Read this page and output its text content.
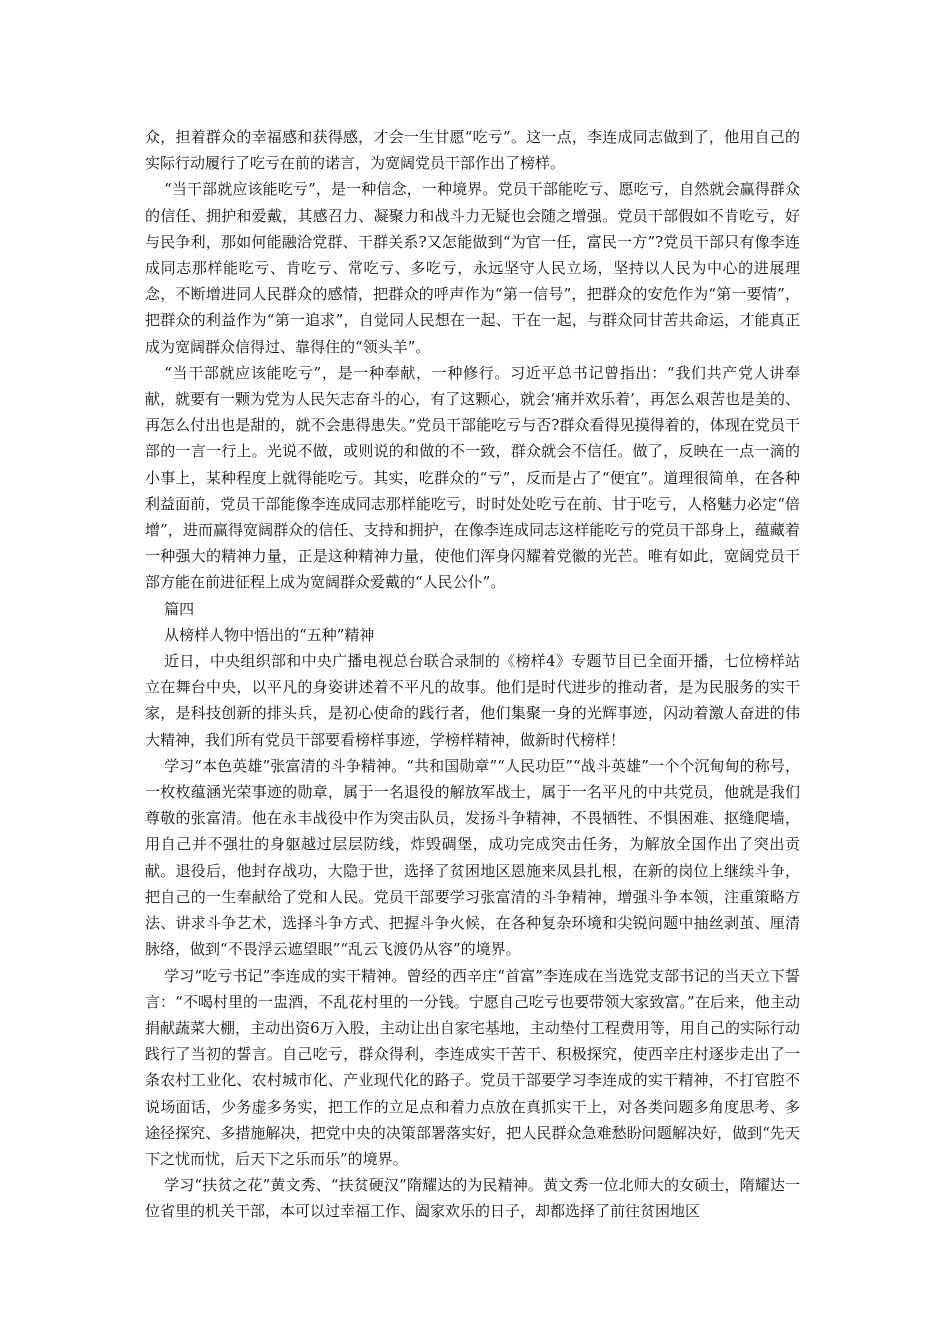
众，担着群众的幸福感和获得感，才会一生甘愿“吃亏”。这一点，李连成同志做到了，他用自己的实际行动履行了吃亏在前的诺言，为宽阔党员干部作出了榜样。

“当干部就应该能吃亏”，是一种信念，一种境界。党员干部能吃亏、愿吃亏，自然就会赢得群众的信任、拥护和爱戴，其感召力、凝聚力和战斗力无疑也会随之增强。党员干部假如不肯吃亏，好与民争利，那如何能融洽党群、干群关系?又怎能做到“为官一任，富民一方”?党员干部只有像李连成同志那样能吃亏、肯吃亏、常吃亏、多吃亏，永远坚守人民立场，坚持以人民为中心的进展理念，不断增进同人民群众的感情，把群众的呼声作为“第一信号”，把群众的安危作为“第一要情”，把群众的利益作为“第一追求”，自觉同人民想在一起、干在一起，与群众同甘苦共命运，才能真正成为宽阔群众信得过、靠得住的“领头羊”。

“当干部就应该能吃亏”，是一种奉献，一种修行。习近平总书记曾指出：“我们共产党人讲奉献，就要有一颗为党为人民矢志奋斗的心，有了这颗心，就会‘痛并欢乐着’，再怎么艰苦也是美的、再怎么付出也是甜的，就不会患得患失。”党员干部能吃亏与否?群众看得见摸得着的，体现在党员干部的一言一行上。光说不做，或则说的和做的不一致，群众就会不信任。做了，反映在一点一滴的小事上，某种程度上就得能吃亏。其实，吃群众的“亏”，反而是占了“便宜”。道理很简单，在各种利益面前，党员干部能像李连成同志那样能吃亏，时时处处吃亏在前、甘于吃亏，人格魅力必定“倍增”，进而赢得宽阔群众的信任、支持和拥护，在像李连成同志这样能吃亏的党员干部身上，蕴藏着一种强大的精神力量，正是这种精神力量，使他们浑身闪耀着党徽的光芒。唯有如此，宽阔党员干部方能在前进征程上成为宽阔群众爱戴的“人民公仆”。

篇四

从榜样人物中悟出的“五种”精神

近日，中央组织部和中央广播电视总台联合录制的《榜样4》专题节目已全面开播，七位榜样站立在舞台中央，以平凡的身姿讲述着不平凡的故事。他们是时代进步的推动者，是为民服务的实干家，是科技创新的排头兵，是初心使命的践行者，他们集聚一身的光辉事迹，闪动着激人奋进的伟大精神，我们所有党员干部要看榜样事迹，学榜样精神，做新时代榜样！

学习“本色英雄”张富清的斗争精神。“共和国勋章”“人民功臣”“战斗英雄”一个个沉甸甸的称号，一枚枚蕴涵光荣事迹的勋章，属于一名退役的解放军战士，属于一名平凡的中共党员，他就是我们尊敬的张富清。他在永丰战役中作为突击队员，发扬斗争精神，不畏牺牲、不惧困难、抠缝爬墙，用自己并不强壮的身躯越过层层防线，炸毁碉堡，成功完成突击任务，为解放全国作出了突出贡献。退役后，他封存战功，大隐于世，选择了贫困地区恩施来凤县扎根，在新的岗位上继续斗争，把自己的一生奉献给了党和人民。党员干部要学习张富清的斗争精神，增强斗争本领，注重策略方法、讲求斗争艺术，选择斗争方式、把握斗争火候，在各种复杂环境和尖锐问题中抽丝剥茧、厘清脉络，做到“不畏浮云遮望眼”“乱云飞渡仍从容”的境界。

学习“吃亏书记”李连成的实干精神。曾经的西辛庄“首富”李连成在当选党支部书记的当天立下誓言：“不喝村里的一盅酒，不乱花村里的一分钱。宁愿自己吃亏也要带领大家致富。”在后来，他主动捐献蔬菜大棚，主动出资6万入股，主动让出自家宅基地，主动垫付工程费用等，用自己的实际行动践行了当初的誓言。自己吃亏，群众得利，李连成实干苦干、积极探究，使西辛庄村逐步走出了一条农村工业化、农村城市化、产业现代化的路子。党员干部要学习李连成的实干精神，不打官腔不说场面话，少务虚多务实，把工作的立足点和着力点放在真抓实干上，对各类问题多角度思考、多途径探究、多措施解决，把党中央的决策部署落实好，把人民群众急难愁盼问题解决好，做到“先天下之忧而忧，后天下之乐而乐”的境界。

学习“扶贫之花”黄文秀、“扶贫硬汉”隋耀达的为民精神。黄文秀一位北师大的女硕士，隋耀达一位省里的机关干部，本可以过幸福工作、阖家欢乐的日子，却都选择了前往贫困地区
